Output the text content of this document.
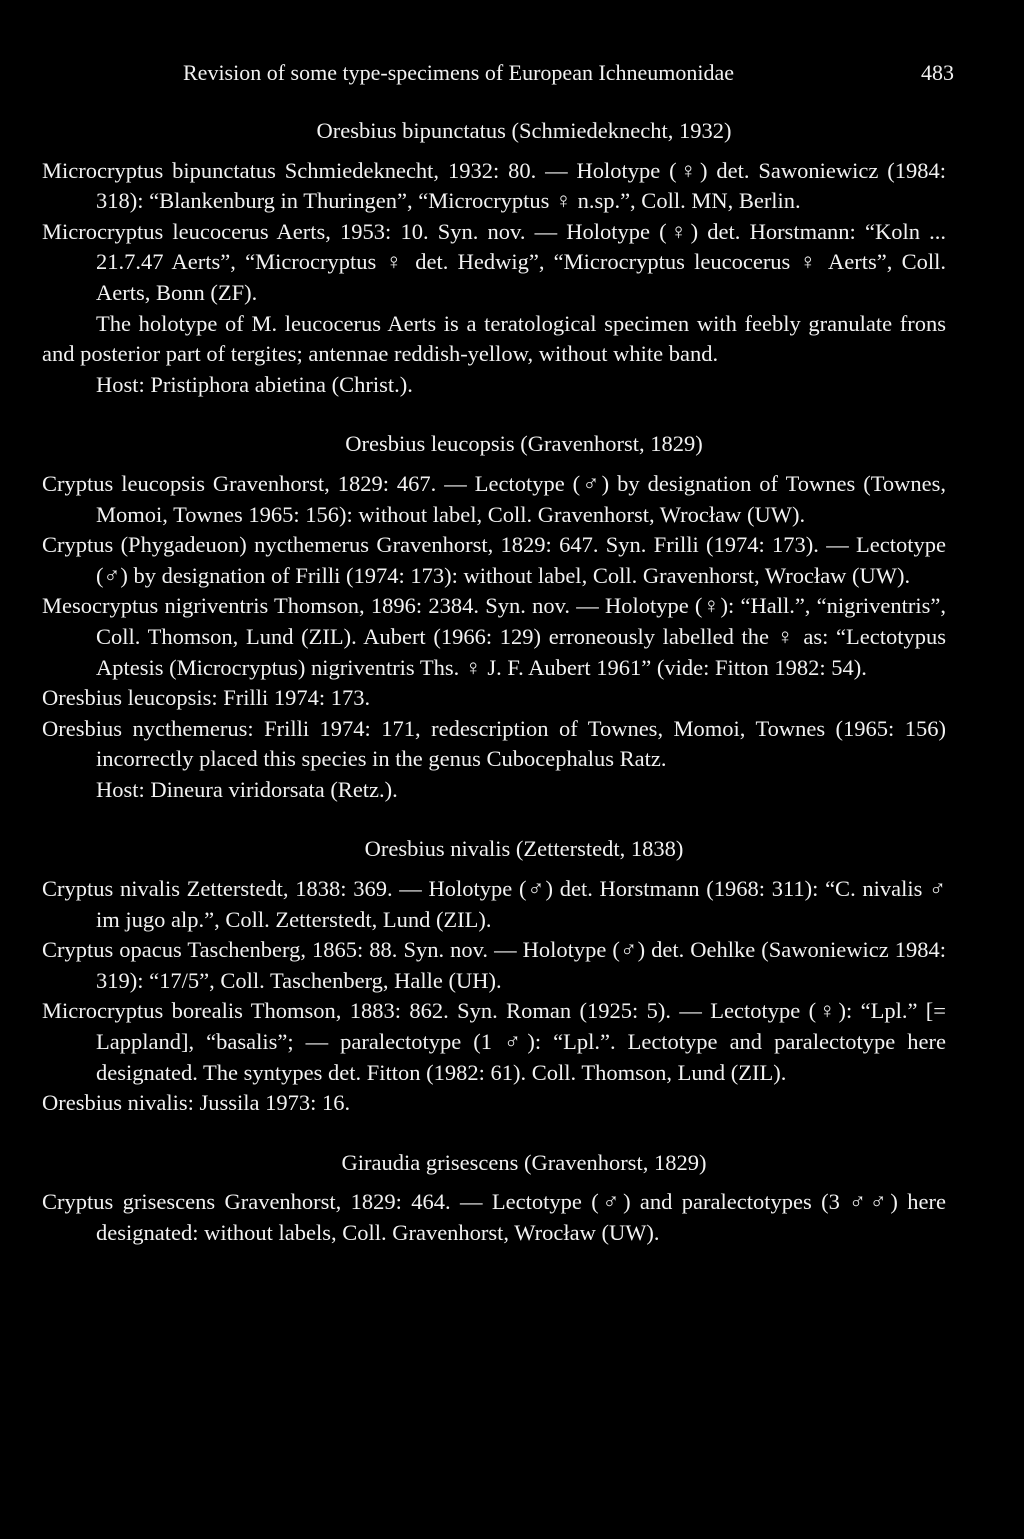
Revision of some type-specimens of European Ichneumonidae	483

Oresbius bipunctatus (Schmiedeknecht, 1932)

Microcryptus bipunctatus Schmiedeknecht, 1932: 80. — Holotype (♀) det. Sawoniewicz (1984: 318): “Blankenburg in Thuringen”, “Microcryptus ♀ n.sp.”, Coll. MN, Berlin.

Microcryptus leucocerus Aerts, 1953: 10. Syn. nov. — Holotype (♀) det. Horstmann: “Koln ... 21.7.47 Aerts”, “Microcryptus ♀ det. Hedwig”, “Microcryptus leucocerus ♀ Aerts”, Coll. Aerts, Bonn (ZF).

The holotype of M. leucocerus Aerts is a teratological specimen with feebly granulate frons and posterior part of tergites; antennae reddish-yellow, without white band.

Host: Pristiphora abietina (Christ.).

Oresbius leucopsis (Gravenhorst, 1829)

Cryptus leucopsis Gravenhorst, 1829: 467. — Lectotype (♂) by designation of Townes (Townes, Momoi, Townes 1965: 156): without label, Coll. Gravenhorst, Wrocław (UW).

Cryptus (Phygadeuon) nycthemerus Gravenhorst, 1829: 647. Syn. Frilli (1974: 173). — Lectotype (♂) by designation of Frilli (1974: 173): without label, Coll. Gravenhorst, Wrocław (UW).

Mesocryptus nigriventris Thomson, 1896: 2384. Syn. nov. — Holotype (♀): “Hall.”, “nigriventris”, Coll. Thomson, Lund (ZIL). Aubert (1966: 129) erroneously labelled the ♀ as: “Lectotypus Aptesis (Microcryptus) nigriventris Ths. ♀ J. F. Aubert 1961” (vide: Fitton 1982: 54).

Oresbius leucopsis: Frilli 1974: 173.

Oresbius nycthemerus: Frilli 1974: 171, redescription of Townes, Momoi, Townes (1965: 156) incorrectly placed this species in the genus Cubocephalus Ratz.

Host: Dineura viridorsata (Retz.).

Oresbius nivalis (Zetterstedt, 1838)

Cryptus nivalis Zetterstedt, 1838: 369. — Holotype (♂) det. Horstmann (1968: 311): “C. nivalis ♂ im jugo alp.”, Coll. Zetterstedt, Lund (ZIL).

Cryptus opacus Taschenberg, 1865: 88. Syn. nov. — Holotype (♂) det. Oehlke (Sawoniewicz 1984: 319): “17/5”, Coll. Taschenberg, Halle (UH).

Microcryptus borealis Thomson, 1883: 862. Syn. Roman (1925: 5). — Lectotype (♀): “Lpl.” [= Lappland], “basalis”; — paralectotype (1 ♂): “Lpl.”. Lectotype and paralectotype here designated. The syntypes det. Fitton (1982: 61). Coll. Thomson, Lund (ZIL).

Oresbius nivalis: Jussila 1973: 16.

Giraudia grisescens (Gravenhorst, 1829)

Cryptus grisescens Gravenhorst, 1829: 464. — Lectotype (♂) and paralectotypes (3 ♂♂) here designated: without labels, Coll. Gravenhorst, Wrocław (UW).
